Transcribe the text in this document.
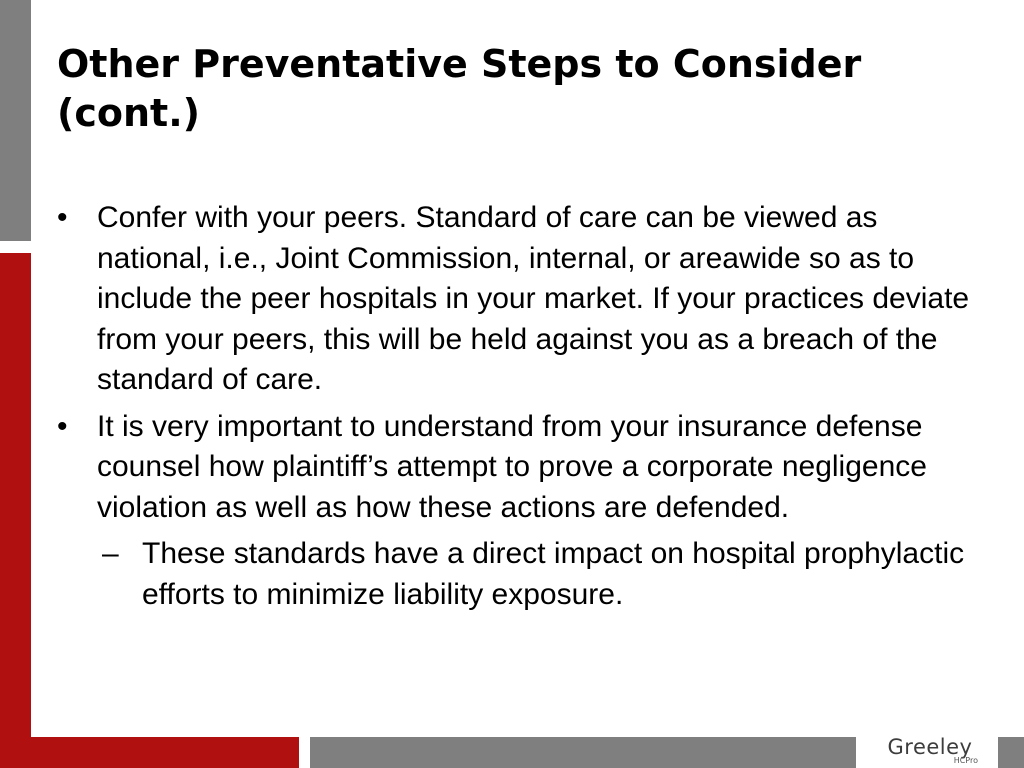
Other Preventative Steps to Consider
(cont.)

• Confer with your peers. Standard of care can be viewed as national, i.e., Joint Commission, internal, or areawide so as to include the peer hospitals in your market. If your practices deviate from your peers, this will be held against you as a breach of the standard of care.

• It is very important to understand from your insurance defense counsel how plaintiff’s attempt to prove a corporate negligence violation as well as how these actions are defended.

– These standards have a direct impact on hospital prophylactic efforts to minimize liability exposure.

Greeley
HCPro
